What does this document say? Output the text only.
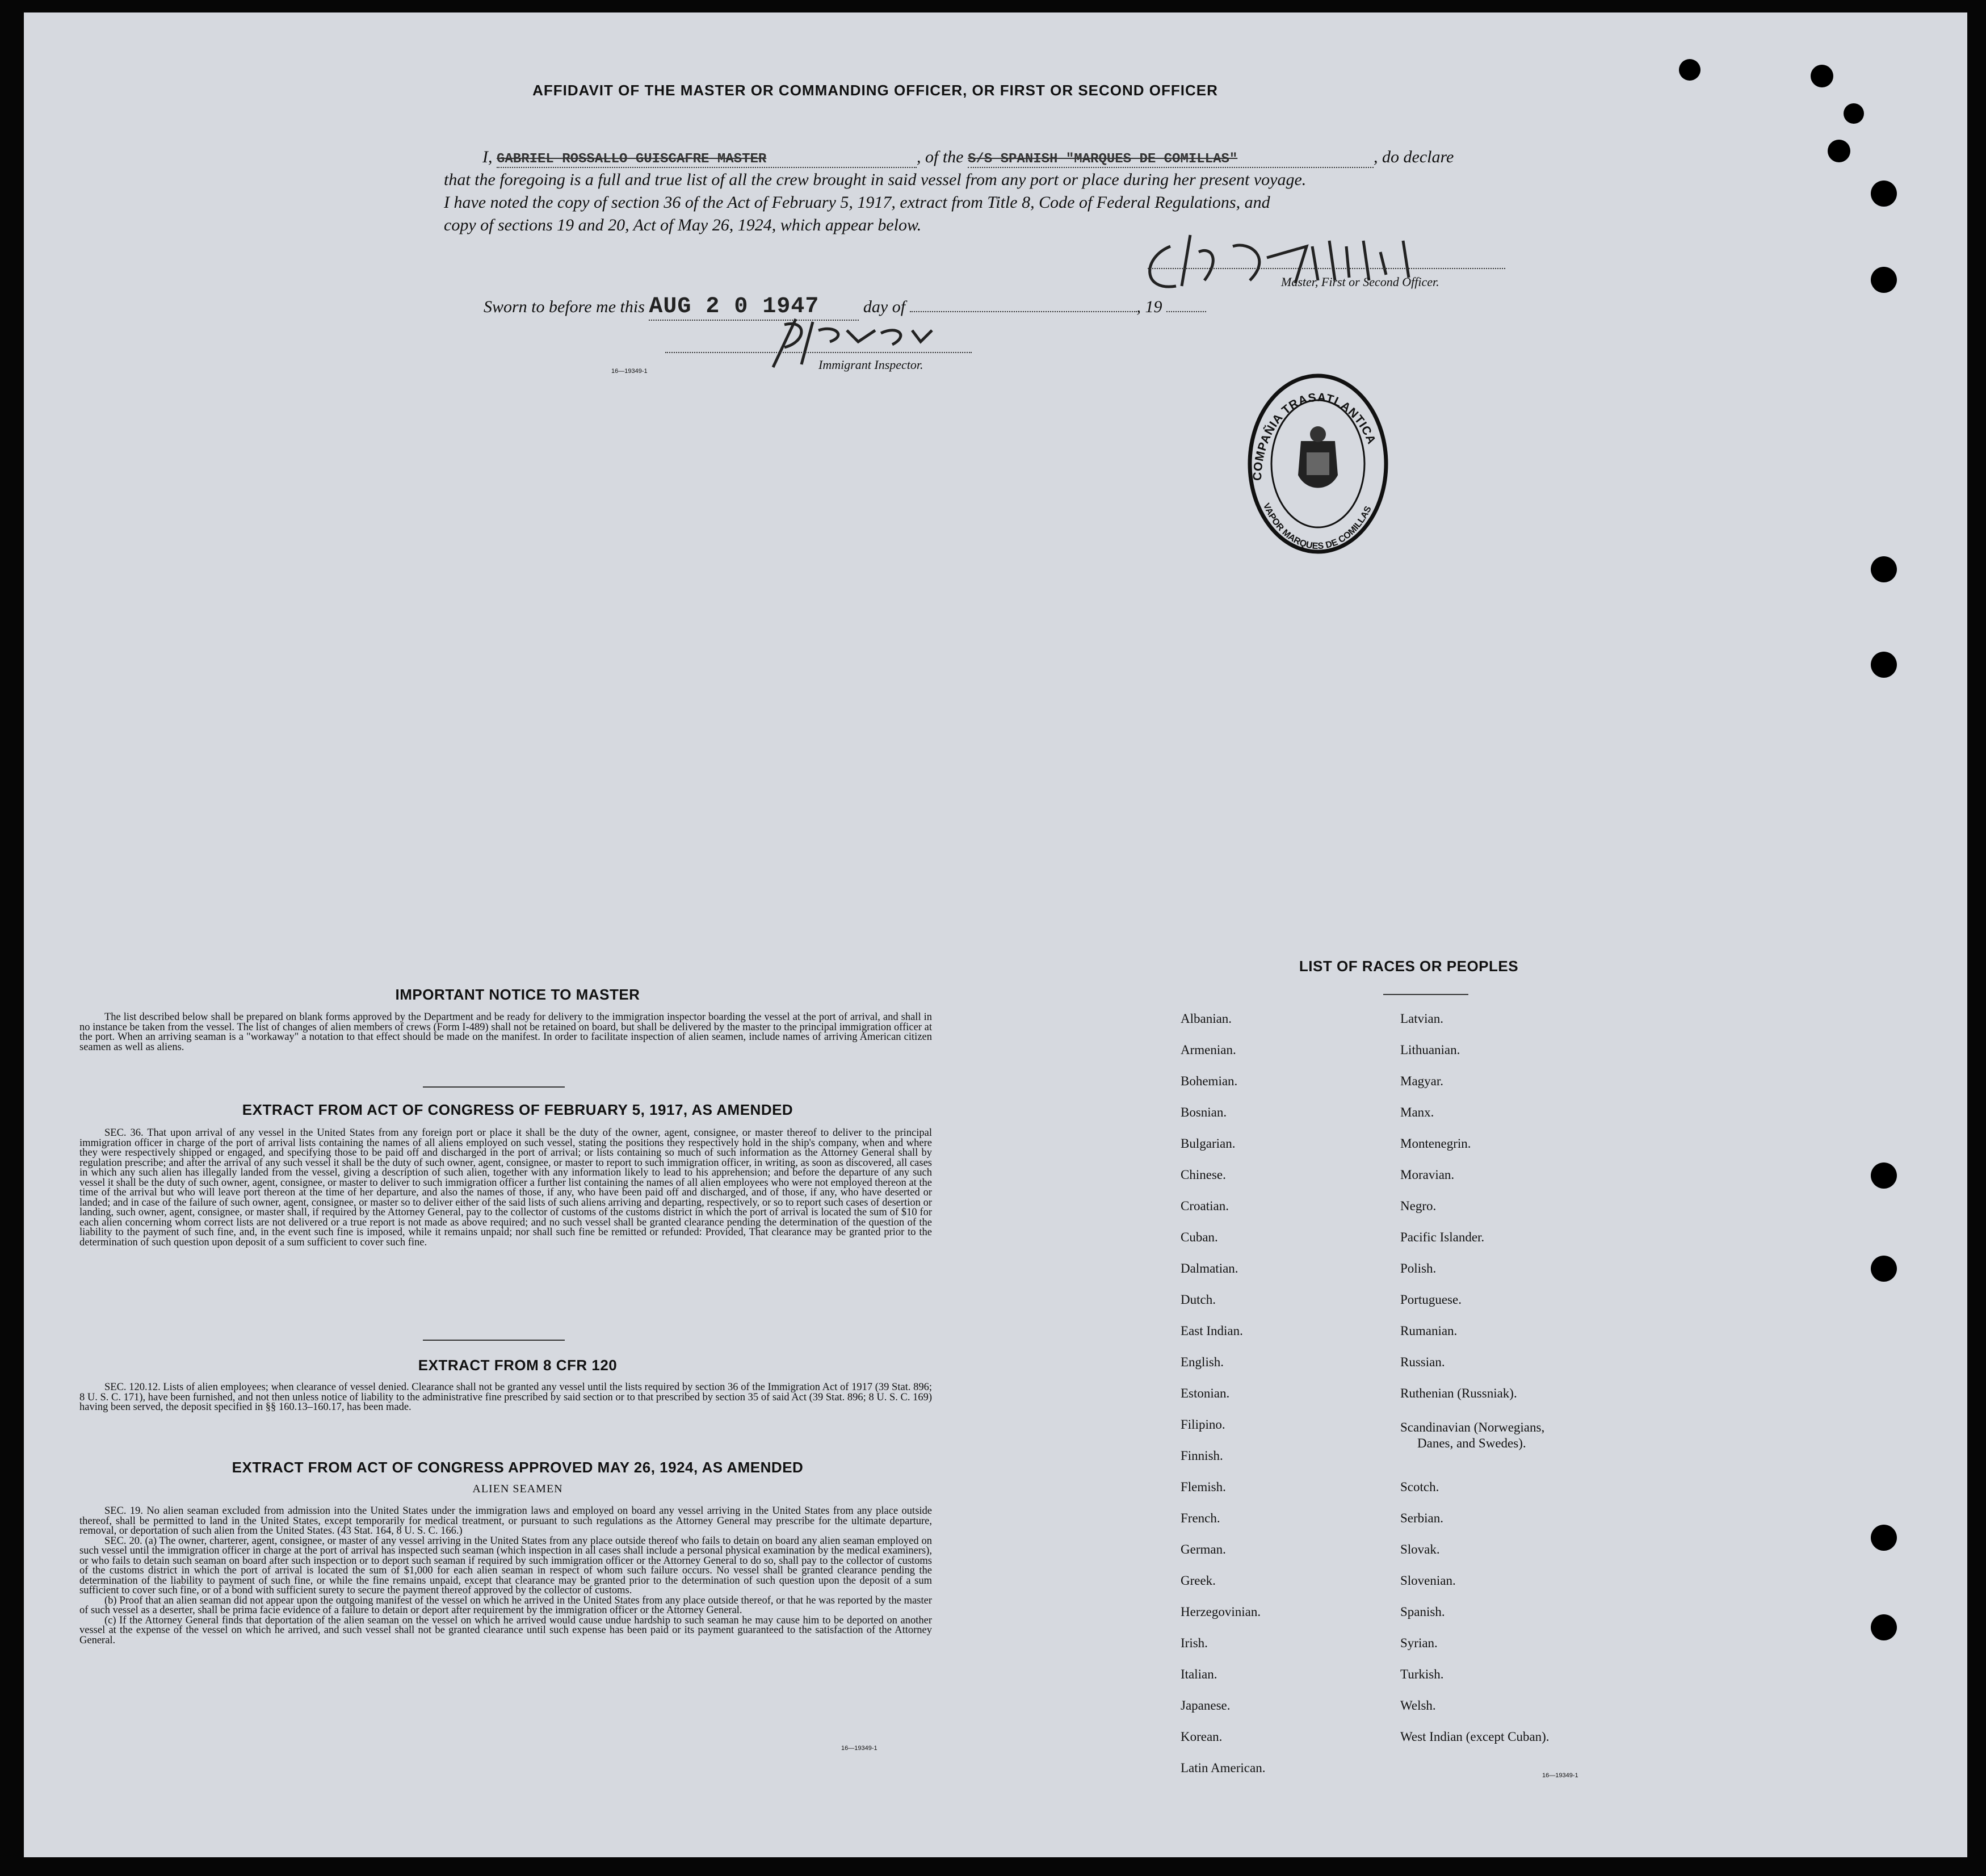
AFFIDAVIT OF THE MASTER OR COMMANDING OFFICER, OR FIRST OR SECOND OFFICER
I, GABRIEL ROSSALLO GUISCAFRE MASTER	, of the S/S SPANISH "MARQUES DE COMILLAS"	, do declare
that the foregoing is a full and true list of all the crew brought in said vessel from any port or place during her present voyage.
I have noted the copy of section 36 of the Act of February 5, 1917, extract from Title 8, Code of Federal Regulations, and
copy of sections 19 and 20, Act of May 26, 1924, which appear below.
Master, First or Second Officer.
Sworn to before me this AUG 2 0 1947	day of	, 19
Immigrant Inspector.
16—19349-1
COMPAÑIA TRASATLANTICA
VAPOR MARQUES DE COMILLAS
IMPORTANT NOTICE TO MASTER

The list described below shall be prepared on blank forms approved by the Department and be ready for delivery to the immigration inspector boarding the vessel at the port of arrival, and shall in no instance be taken from the vessel. The list of changes of alien members of crews (Form I-489) shall not be retained on board, but shall be delivered by the master to the principal immigration officer at the port. When an arriving seaman is a "workaway" a notation to that effect should be made on the manifest. In order to facilitate inspection of alien seamen, include names of arriving American citizen seamen as well as aliens.

EXTRACT FROM ACT OF CONGRESS OF FEBRUARY 5, 1917, AS AMENDED

SEC. 36. That upon arrival of any vessel in the United States from any foreign port or place it shall be the duty of the owner, agent, consignee, or master thereof to deliver to the principal immigration officer in charge of the port of arrival lists containing the names of all aliens employed on such vessel, stating the positions they respectively hold in the ship's company, when and where they were respectively shipped or engaged, and specifying those to be paid off and discharged in the port of arrival; or lists containing so much of such information as the Attorney General shall by regulation prescribe; and after the arrival of any such vessel it shall be the duty of such owner, agent, consignee, or master to report to such immigration officer, in writing, as soon as discovered, all cases in which any such alien has illegally landed from the vessel, giving a description of such alien, together with any information likely to lead to his apprehension; and before the departure of any such vessel it shall be the duty of such owner, agent, consignee, or master to deliver to such immigration officer a further list containing the names of all alien employees who were not employed thereon at the time of the arrival but who will leave port thereon at the time of her departure, and also the names of those, if any, who have been paid off and discharged, and of those, if any, who have deserted or landed; and in case of the failure of such owner, agent, consignee, or master so to deliver either of the said lists of such aliens arriving and departing, respectively, or so to report such cases of desertion or landing, such owner, agent, consignee, or master shall, if required by the Attorney General, pay to the collector of customs of the customs district in which the port of arrival is located the sum of $10 for each alien concerning whom correct lists are not delivered or a true report is not made as above required; and no such vessel shall be granted clearance pending the determination of the question of the liability to the payment of such fine, and, in the event such fine is imposed, while it remains unpaid; nor shall such fine be remitted or refunded: Provided, That clearance may be granted prior to the determination of such question upon deposit of a sum sufficient to cover such fine.

EXTRACT FROM 8 CFR 120

SEC. 120.12. Lists of alien employees; when clearance of vessel denied. Clearance shall not be granted any vessel until the lists required by section 36 of the Immigration Act of 1917 (39 Stat. 896; 8 U. S. C. 171), have been furnished, and not then unless notice of liability to the administrative fine prescribed by said section or to that prescribed by section 35 of said Act (39 Stat. 896; 8 U. S. C. 169) having been served, the deposit specified in §§ 160.13–160.17, has been made.

EXTRACT FROM ACT OF CONGRESS APPROVED MAY 26, 1924, AS AMENDED
ALIEN SEAMEN

SEC. 19. No alien seaman excluded from admission into the United States under the immigration laws and employed on board any vessel arriving in the United States from any place outside thereof, shall be permitted to land in the United States, except temporarily for medical treatment, or pursuant to such regulations as the Attorney General may prescribe for the ultimate departure, removal, or deportation of such alien from the United States. (43 Stat. 164, 8 U. S. C. 166.)

SEC. 20. (a) The owner, charterer, agent, consignee, or master of any vessel arriving in the United States from any place outside thereof who fails to detain on board any alien seaman employed on such vessel until the immigration officer in charge at the port of arrival has inspected such seaman (which inspection in all cases shall include a personal physical examination by the medical examiners), or who fails to detain such seaman on board after such inspection or to deport such seaman if required by such immigration officer or the Attorney General to do so, shall pay to the collector of customs of the customs district in which the port of arrival is located the sum of $1,000 for each alien seaman in respect of whom such failure occurs. No vessel shall be granted clearance pending the determination of the liability to payment of such fine, or while the fine remains unpaid, except that clearance may be granted prior to the determination of such question upon the deposit of a sum sufficient to cover such fine, or of a bond with sufficient surety to secure the payment thereof approved by the collector of customs.

(b) Proof that an alien seaman did not appear upon the outgoing manifest of the vessel on which he arrived in the United States from any place outside thereof, or that he was reported by the master of such vessel as a deserter, shall be prima facie evidence of a failure to detain or deport after requirement by the immigration officer or the Attorney General.

(c) If the Attorney General finds that deportation of the alien seaman on the vessel on which he arrived would cause undue hardship to such seaman he may cause him to be deported on another vessel at the expense of the vessel on which he arrived, and such vessel shall not be granted clearance until such expense has been paid or its payment guaranteed to the satisfaction of the Attorney General.

16—19349-1
LIST OF RACES OR PEOPLES
Albanian.
Armenian.
Bohemian.
Bosnian.
Bulgarian.
Chinese.
Croatian.
Cuban.
Dalmatian.
Dutch.
East Indian.
English.
Estonian.
Filipino.
Finnish.
Flemish.
French.
German.
Greek.
Herzegovinian.
Irish.
Italian.
Japanese.
Korean.
Latin American.
Latvian.
Lithuanian.
Magyar.
Manx.
Montenegrin.
Moravian.
Negro.
Pacific Islander.
Polish.
Portuguese.
Rumanian.
Russian.
Ruthenian (Russniak).
Scandinavian (Norwegians,
Danes, and Swedes).
Scotch.
Serbian.
Slovak.
Slovenian.
Spanish.
Syrian.
Turkish.
Welsh.
West Indian (except Cuban).
16—19349-1
